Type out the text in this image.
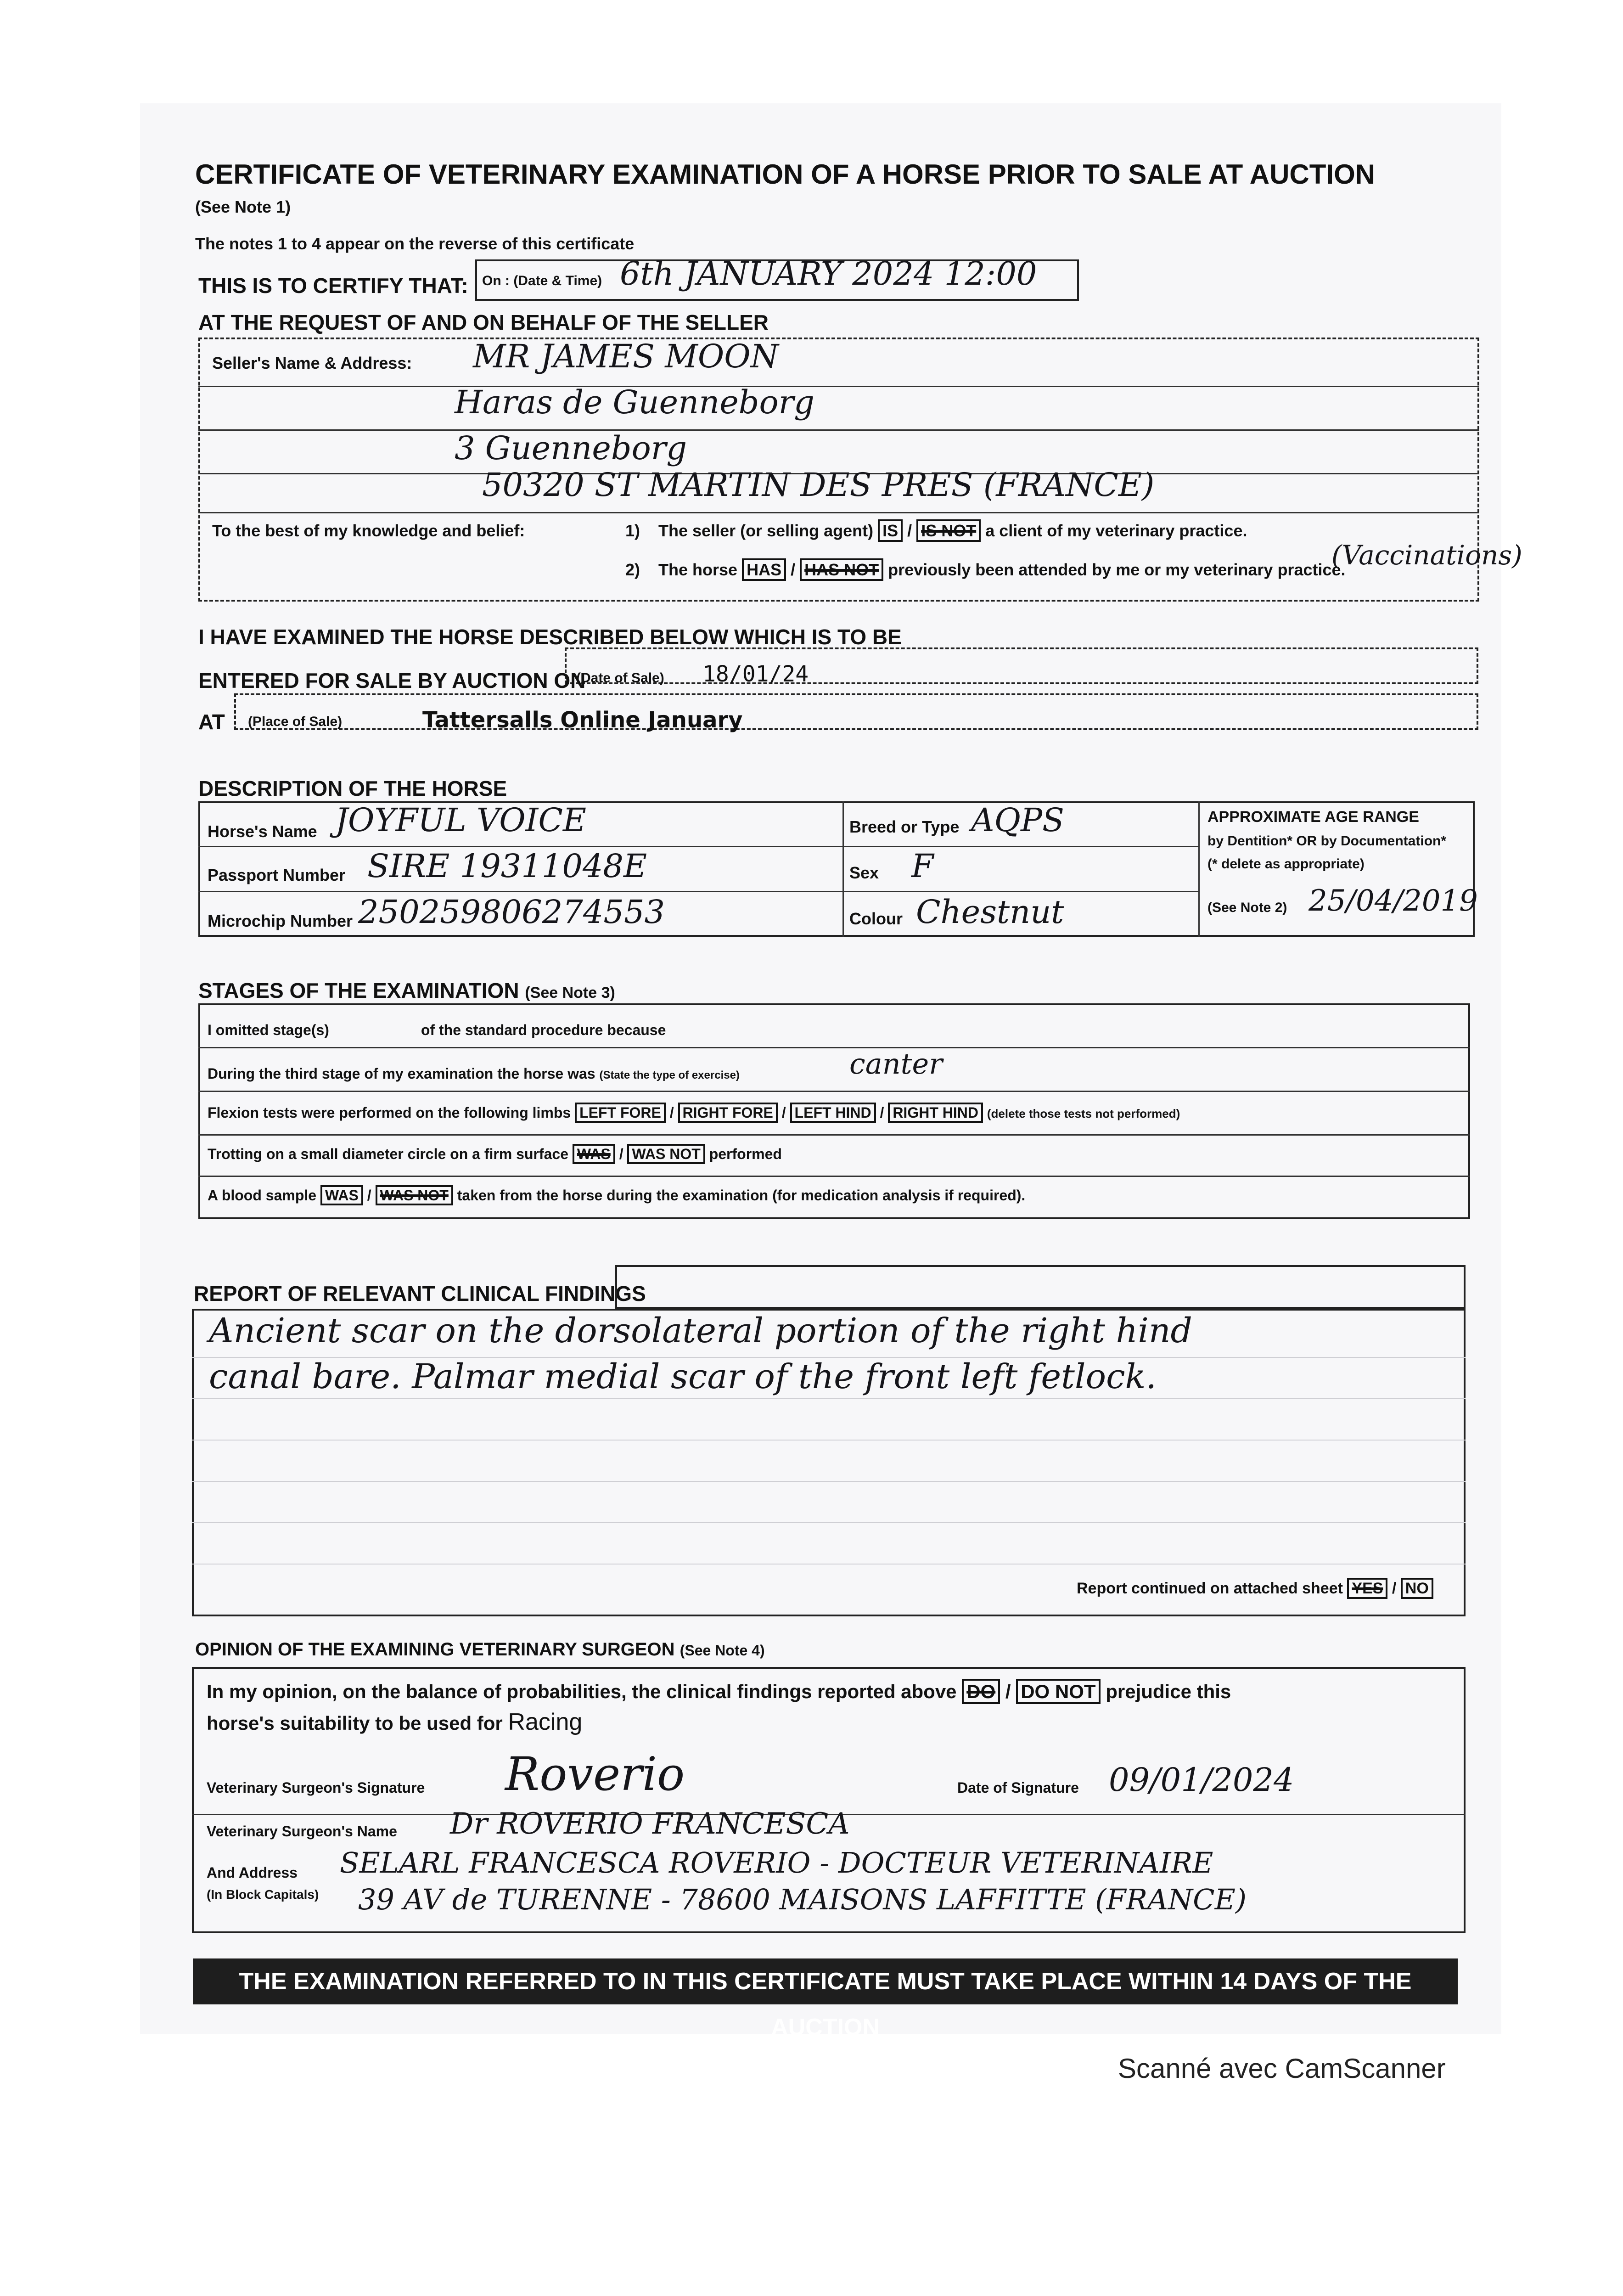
CERTIFICATE OF VETERINARY EXAMINATION OF A HORSE PRIOR TO SALE AT AUCTION
(See Note 1)
The notes 1 to 4 appear on the reverse of this certificate
THIS IS TO CERTIFY THAT: On : (Date & Time) 6th JANUARY 2024 12:00
AT THE REQUEST OF AND ON BEHALF OF THE SELLER
Seller's Name & Address: MR JAMES MOON
Haras de Guenneborg
3 Guenneborg
50320 ST MARTIN DES PRES (FRANCE)
To the best of my knowledge and belief:	1) The seller (or selling agent) IS / IS NOT a client of my veterinary practice.
2) The horse HAS / HAS NOT previously been attended by me or my veterinary practice.
(Vaccinations)
I HAVE EXAMINED THE HORSE DESCRIBED BELOW WHICH IS TO BE
ENTERED FOR SALE BY AUCTION ON
(Date of Sale) 18/01/24
AT (Place of Sale)	Tattersalls Online January
DESCRIPTION OF THE HORSE
Horse's Name JOYFUL VOICE
Passport Number SIRE 19311048E
Microchip Number 250259806274553
Breed or Type AQPS
Sex F
Colour Chestnut
APPROXIMATE AGE RANGE
by Dentition* OR by Documentation*
(* delete as appropriate)
(See Note 2) 25/04/2019
STAGES OF THE EXAMINATION (See Note 3)
I omitted stage(s)	of the standard procedure because
During the third stage of my examination the horse was (State the type of exercise)	canter
Flexion tests were performed on the following limbs LEFT FORE / RIGHT FORE / LEFT HIND / RIGHT HIND (delete those tests not performed)
Trotting on a small diameter circle on a firm surface WAS / WAS NOT performed
A blood sample WAS / WAS NOT taken from the horse during the examination (for medication analysis if required).
REPORT OF RELEVANT CLINICAL FINDINGS
Ancient scar on the dorsolateral portion of the right hind
canal bare. Palmar medial scar of the front left fetlock.
Report continued on attached sheet YES / NO
OPINION OF THE EXAMINING VETERINARY SURGEON (See Note 4)
In my opinion, on the balance of probabilities, the clinical findings reported above DO / DO NOT prejudice this
horse's suitability to be used for Racing
Veterinary Surgeon's Signature Roverio	Date of Signature 09/01/2024
Veterinary Surgeon's Name Dr ROVERIO FRANCESCA
And Address
(In Block Capitals)
SELARL FRANCESCA ROVERIO - DOCTEUR VETERINAIRE
39 AV de TURENNE - 78600 MAISONS LAFFITTE (FRANCE)
THE EXAMINATION REFERRED TO IN THIS CERTIFICATE MUST TAKE PLACE WITHIN 14 DAYS OF THE AUCTION
Scanné avec CamScanner
